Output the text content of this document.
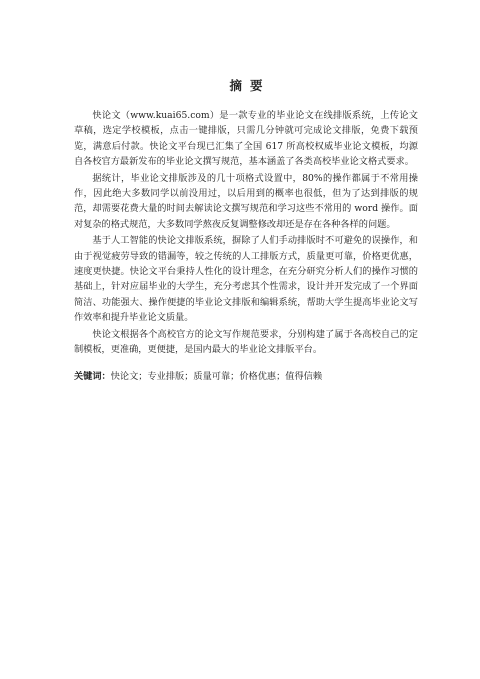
摘要

快论文（www.kuai65.com）是一款专业的毕业论文在线排版系统，上传论文草稿，选定学校模板，点击一键排版，只需几分钟就可完成论文排版，免费下载预览，满意后付款。快论文平台现已汇集了全国 617 所高校权威毕业论文模板，均源自各校官方最新发布的毕业论文撰写规范，基本涵盖了各类高校毕业论文格式要求。

据统计，毕业论文排版涉及的几十项格式设置中，80%的操作都属于不常用操作，因此绝大多数同学以前没用过，以后用到的概率也很低，但为了达到排版的规范，却需要花费大量的时间去解读论文撰写规范和学习这些不常用的 word 操作。面对复杂的格式规范，大多数同学熬夜反复调整修改却还是存在各种各样的问题。

基于人工智能的快论文排版系统，摒除了人们手动排版时不可避免的误操作，和由于视觉疲劳导致的错漏等，较之传统的人工排版方式，质量更可靠，价格更优惠，速度更快捷。快论文平台秉持人性化的设计理念，在充分研究分析人们的操作习惯的基础上，针对应届毕业的大学生，充分考虑其个性需求，设计并开发完成了一个界面简洁、功能强大、操作便捷的毕业论文排版和编辑系统，帮助大学生提高毕业论文写作效率和提升毕业论文质量。

快论文根据各个高校官方的论文写作规范要求，分别构建了属于各高校自己的定制模板，更准确，更便捷，是国内最大的毕业论文排版平台。

关键词：快论文；专业排版；质量可靠；价格优惠；值得信赖
